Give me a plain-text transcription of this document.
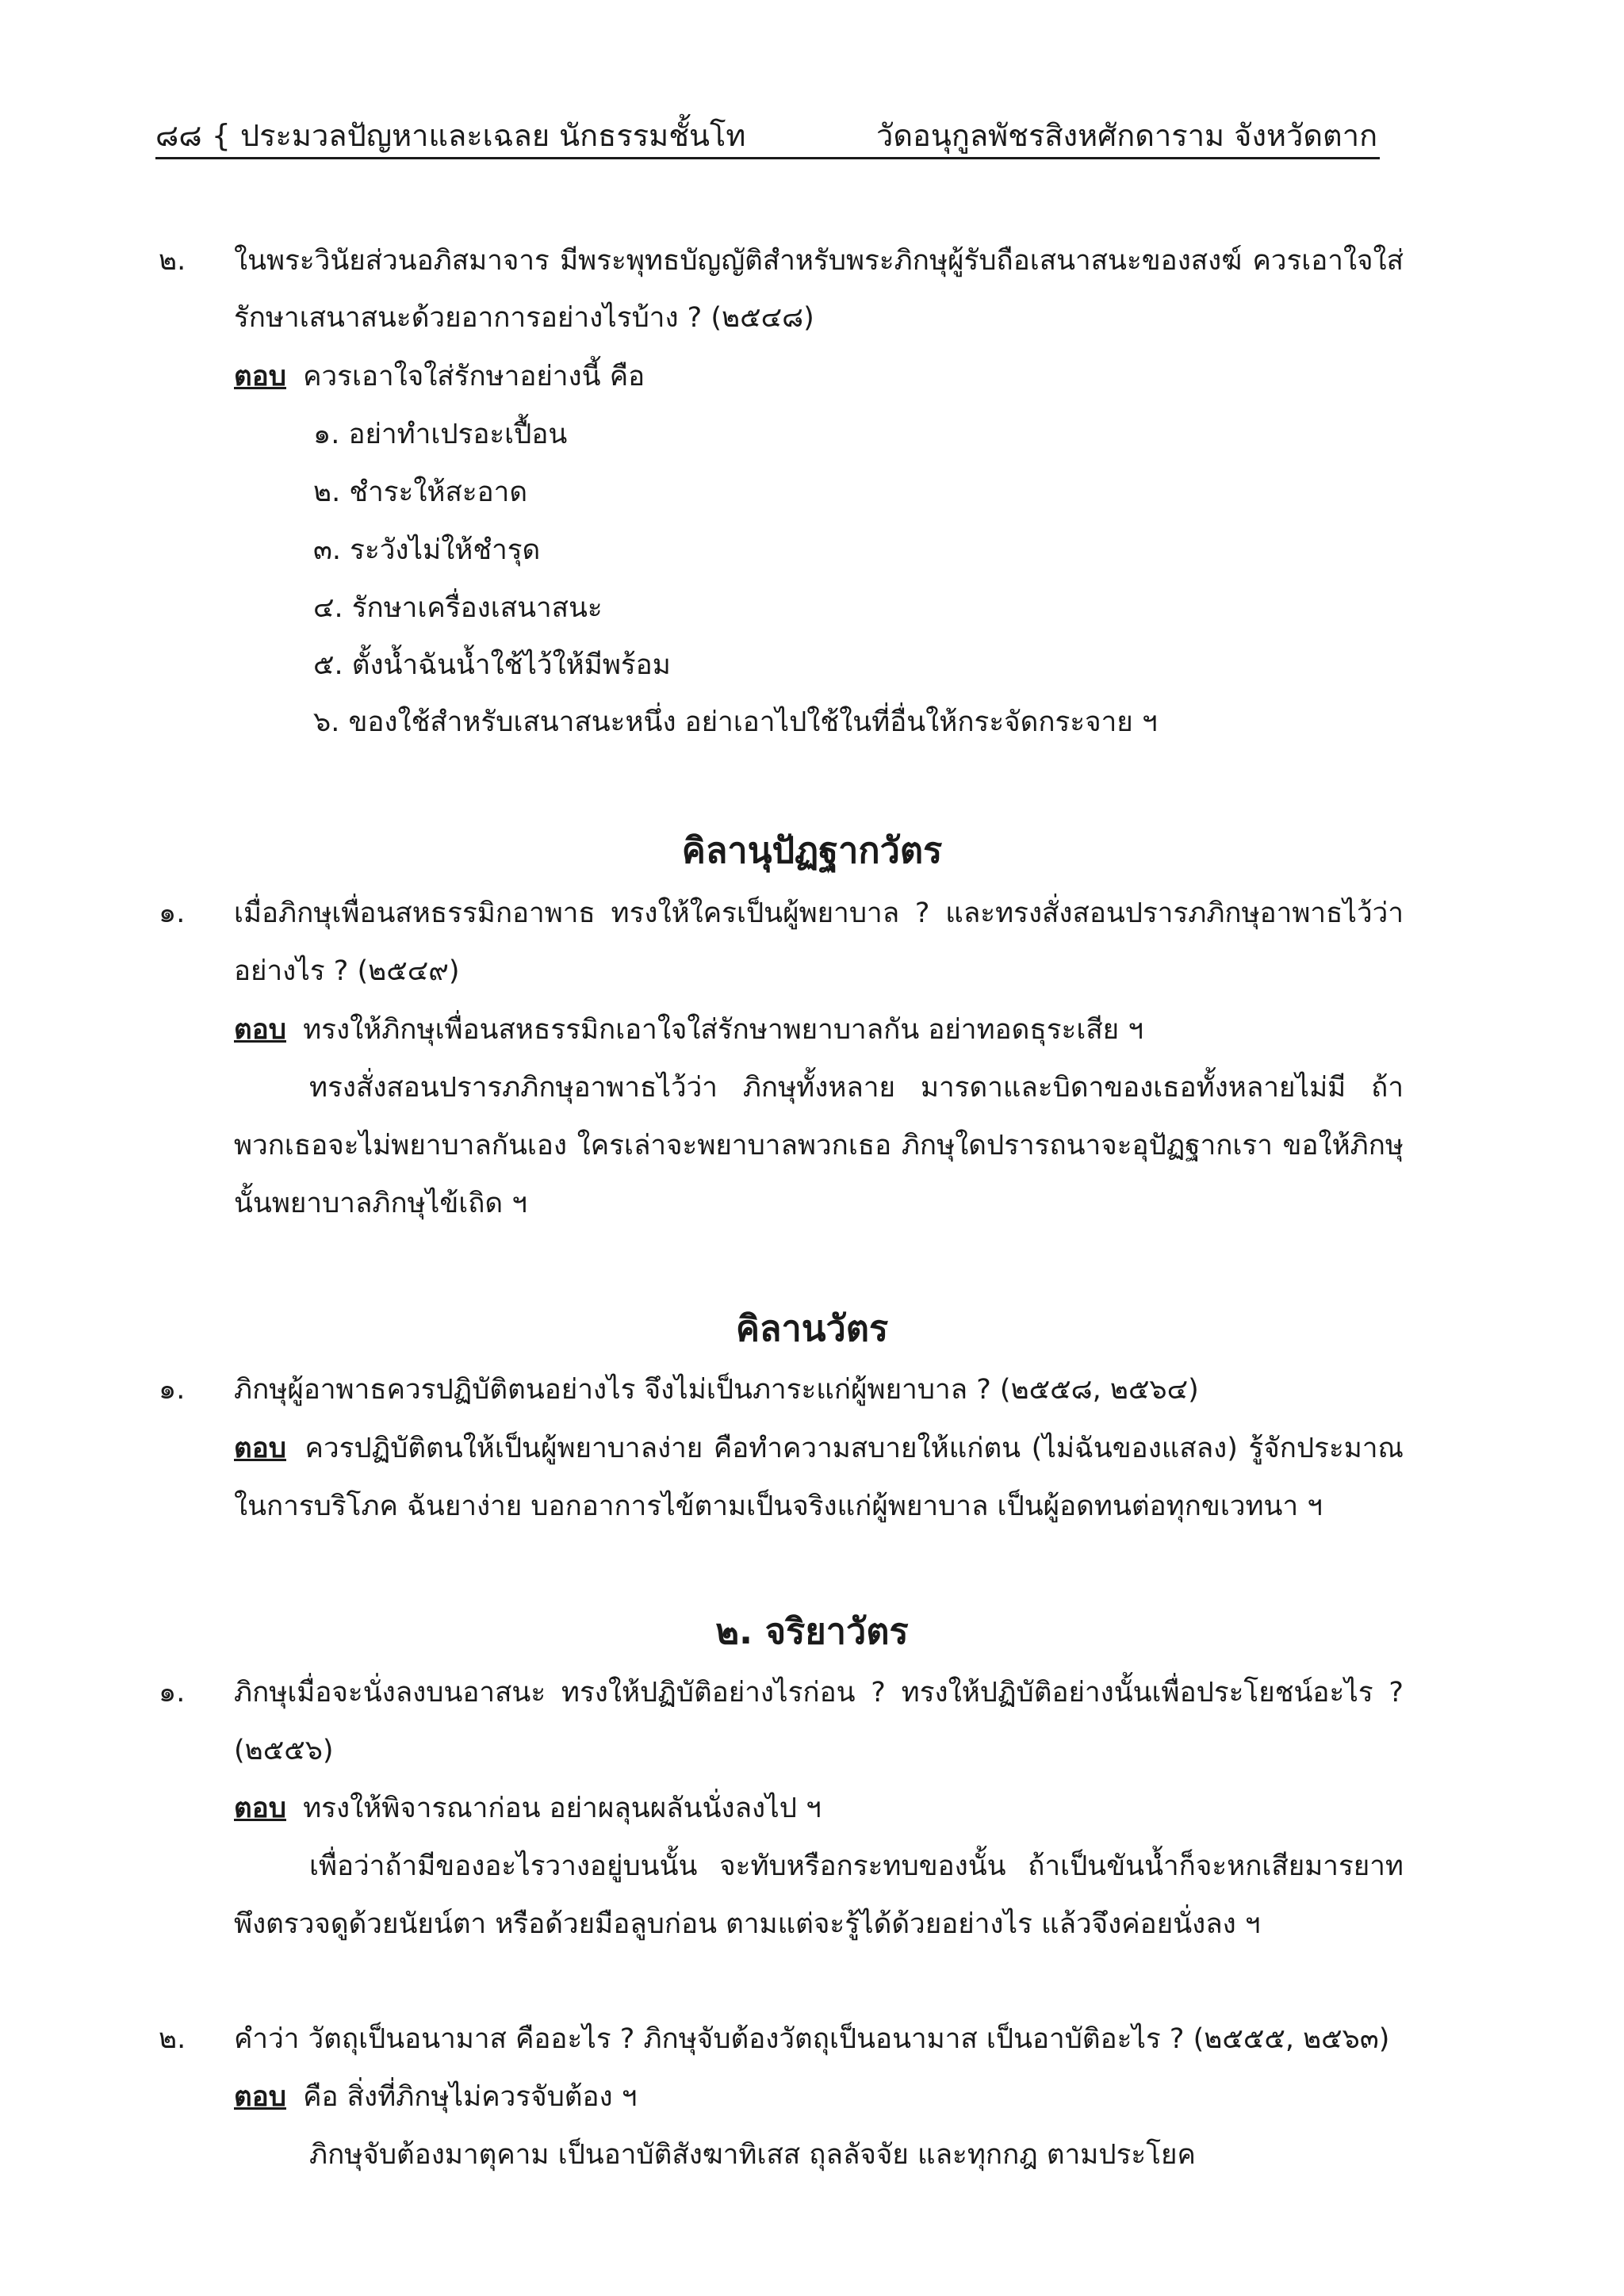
๘๘ { ประมวลปัญหาและเฉลย นักธรรมชั้นโท	วัดอนุกูลพัชรสิงหศักดาราม จังหวัดตาก
๒. ในพระวินัยส่วนอภิสมาจาร มีพระพุทธบัญญัติสำหรับพระภิกษุผู้รับถือเสนาสนะของสงฆ์ ควรเอาใจใส่
รักษาเสนาสนะด้วยอาการอย่างไรบ้าง ? (๒๕๔๘)
ตอบ ควรเอาใจใส่รักษาอย่างนี้ คือ
๑. อย่าทำเปรอะเปื้อน
๒. ชำระให้สะอาด
๓. ระวังไม่ให้ชำรุด
๔. รักษาเครื่องเสนาสนะ
๕. ตั้งน้ำฉันน้ำใช้ไว้ให้มีพร้อม
๖. ของใช้สำหรับเสนาสนะหนึ่ง อย่าเอาไปใช้ในที่อื่นให้กระจัดกระจาย ฯ
คิลานุปัฏฐากวัตร
๑. เมื่อภิกษุเพื่อนสหธรรมิกอาพาธ ทรงให้ใครเป็นผู้พยาบาล ? และทรงสั่งสอนปรารภภิกษุอาพาธไว้ว่า
อย่างไร ? (๒๕๔๙)
ตอบ ทรงให้ภิกษุเพื่อนสหธรรมิกเอาใจใส่รักษาพยาบาลกัน อย่าทอดธุระเสีย ฯ
ทรงสั่งสอนปรารภภิกษุอาพาธไว้ว่า ภิกษุทั้งหลาย มารดาและบิดาของเธอทั้งหลายไม่มี ถ้า
พวกเธอจะไม่พยาบาลกันเอง ใครเล่าจะพยาบาลพวกเธอ ภิกษุใดปรารถนาจะอุปัฏฐากเรา ขอให้ภิกษุ
นั้นพยาบาลภิกษุไข้เถิด ฯ
คิลานวัตร
๑. ภิกษุผู้อาพาธควรปฏิบัติตนอย่างไร จึงไม่เป็นภาระแก่ผู้พยาบาล ? (๒๕๕๘, ๒๕๖๔)
ตอบ ควรปฏิบัติตนให้เป็นผู้พยาบาลง่าย คือทำความสบายให้แก่ตน (ไม่ฉันของแสลง) รู้จักประมาณ
ในการบริโภค ฉันยาง่าย บอกอาการไข้ตามเป็นจริงแก่ผู้พยาบาล เป็นผู้อดทนต่อทุกขเวทนา ฯ
๒. จริยาวัตร
๑. ภิกษุเมื่อจะนั่งลงบนอาสนะ ทรงให้ปฏิบัติอย่างไรก่อน ? ทรงให้ปฏิบัติอย่างนั้นเพื่อประโยชน์อะไร ?
(๒๕๕๖)
ตอบ ทรงให้พิจารณาก่อน อย่าผลุนผลันนั่งลงไป ฯ
เพื่อว่าถ้ามีของอะไรวางอยู่บนนั้น จะทับหรือกระทบของนั้น ถ้าเป็นขันน้ำก็จะหกเสียมารยาท
พึงตรวจดูด้วยนัยน์ตา หรือด้วยมือลูบก่อน ตามแต่จะรู้ได้ด้วยอย่างไร แล้วจึงค่อยนั่งลง ฯ
๒. คำว่า วัตถุเป็นอนามาส คืออะไร ? ภิกษุจับต้องวัตถุเป็นอนามาส เป็นอาบัติอะไร ? (๒๕๕๕, ๒๕๖๓)
ตอบ คือ สิ่งที่ภิกษุไม่ควรจับต้อง ฯ
ภิกษุจับต้องมาตุคาม เป็นอาบัติสังฆาทิเสส ถุลลัจจัย และทุกกฎ ตามประโยค
